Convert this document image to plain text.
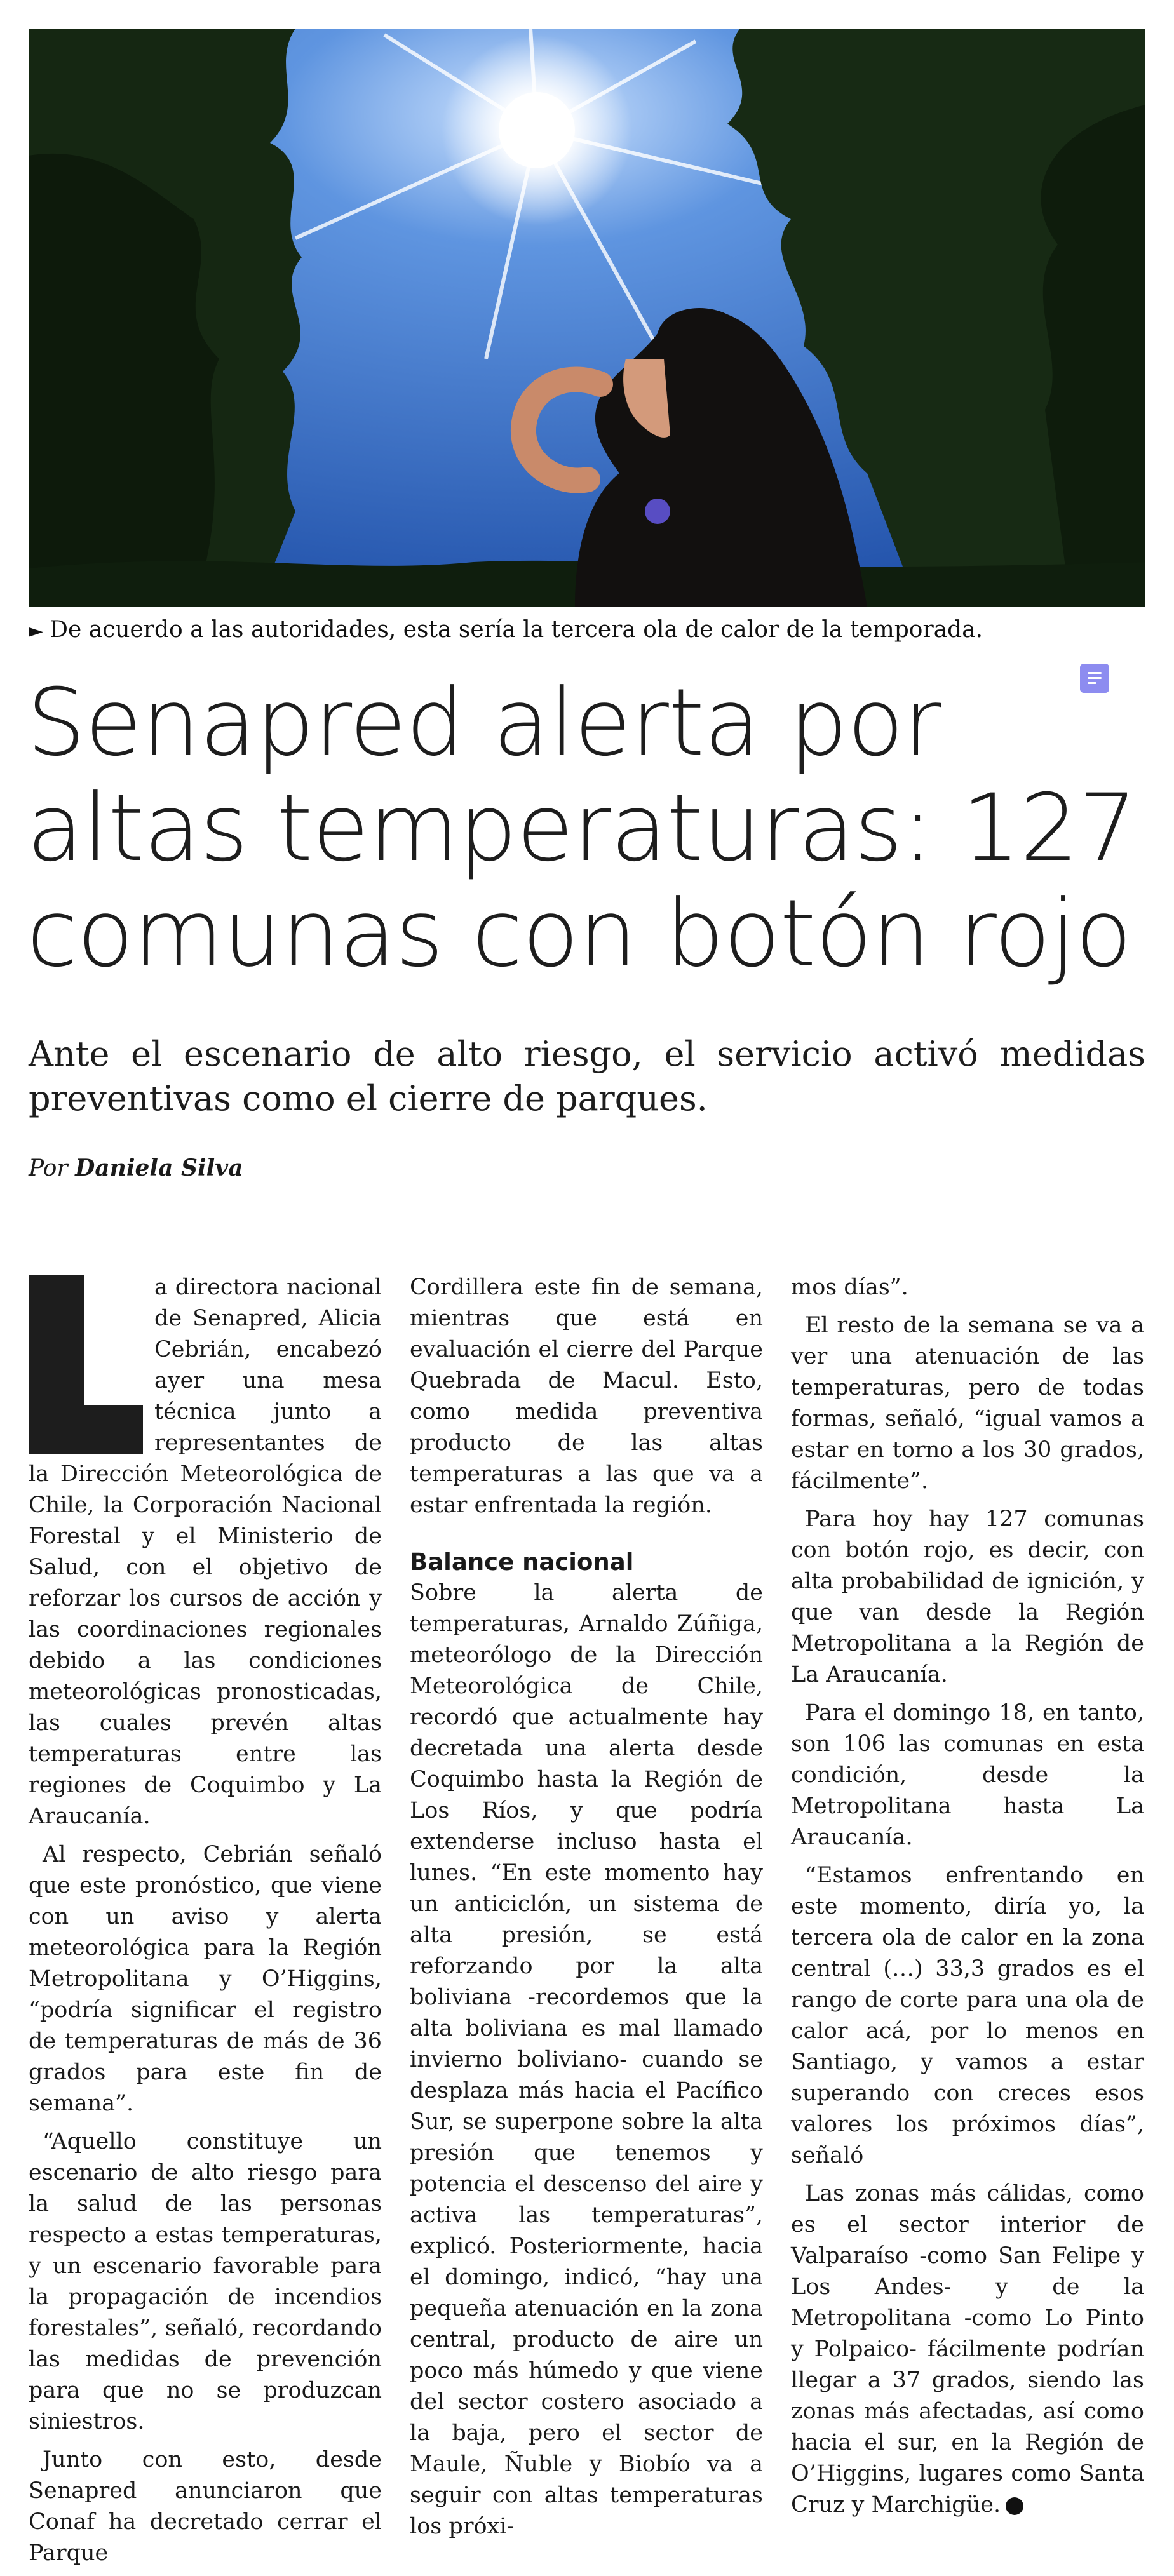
► De acuerdo a las autoridades, esta sería la tercera ola de calor de la temporada.
Senapred alerta por altas temperaturas: 127 comunas con botón rojo

Ante el escenario de alto riesgo, el servicio activó medidas preventivas como el cierre de parques.

Por Daniela Silva

a directora nacional de Senapred, Alicia Cebrián, encabezó ayer una mesa técnica junto a representantes de la Dirección Meteorológica de Chile, la Corporación Nacional Forestal y el Ministerio de Salud, con el objetivo de reforzar los cursos de acción y las coordinaciones regionales debido a las condiciones meteorológicas pronosticadas, las cuales prevén altas temperaturas entre las regiones de Coquimbo y La Araucanía.

Al respecto, Cebrián señaló que este pronóstico, que viene con un aviso y alerta meteorológica para la Región Metropolitana y O’Higgins, “podría significar el registro de temperaturas de más de 36 grados para este fin de semana”.

“Aquello constituye un escenario de alto riesgo para la salud de las personas respecto a estas temperaturas, y un escenario favorable para la propagación de incendios forestales”, señaló, recordando las medidas de prevención para que no se produzcan siniestros.

Junto con esto, desde Senapred anunciaron que Conaf ha decretado cerrar el Parque

Cordillera este fin de semana, mientras que está en evaluación el cierre del Parque Quebrada de Macul. Esto, como medida preventiva producto de las altas temperaturas a las que va a estar enfrentada la región.

Balance nacional

Sobre la alerta de temperaturas, Arnaldo Zúñiga, meteorólogo de la Dirección Meteorológica de Chile, recordó que actualmente hay decretada una alerta desde Coquimbo hasta la Región de Los Ríos, y que podría extenderse incluso hasta el lunes. “En este momento hay un anticiclón, un sistema de alta presión, se está reforzando por la alta boliviana -recordemos que la alta boliviana es mal llamado invierno boliviano- cuando se desplaza más hacia el Pacífico Sur, se superpone sobre la alta presión que tenemos y potencia el descenso del aire y activa las temperaturas”, explicó. Posteriormente, hacia el domingo, indicó, “hay una pequeña atenuación en la zona central, producto de aire un poco más húmedo y que viene del sector costero asociado a la baja, pero el sector de Maule, Ñuble y Biobío va a seguir con altas temperaturas los próxi-

mos días”.

El resto de la semana se va a ver una atenuación de las temperaturas, pero de todas formas, señaló, “igual vamos a estar en torno a los 30 grados, fácilmente”.

Para hoy hay 127 comunas con botón rojo, es decir, con alta probabilidad de ignición, y que van desde la Región Metropolitana a la Región de La Araucanía.

Para el domingo 18, en tanto, son 106 las comunas en esta condición, desde la Metropolitana hasta La Araucanía.

“Estamos enfrentando en este momento, diría yo, la tercera ola de calor en la zona central (…) 33,3 grados es el rango de corte para una ola de calor acá, por lo menos en Santiago, y vamos a estar superando con creces esos valores los próximos días”, señaló

Las zonas más cálidas, como es el sector interior de Valparaíso -como San Felipe y Los Andes- y de la Metropolitana -como Lo Pinto y Polpaico- fácilmente podrían llegar a 37 grados, siendo las zonas más afectadas, así como hacia el sur, en la Región de O’Higgins, lugares como Santa Cruz y Marchigüe.
